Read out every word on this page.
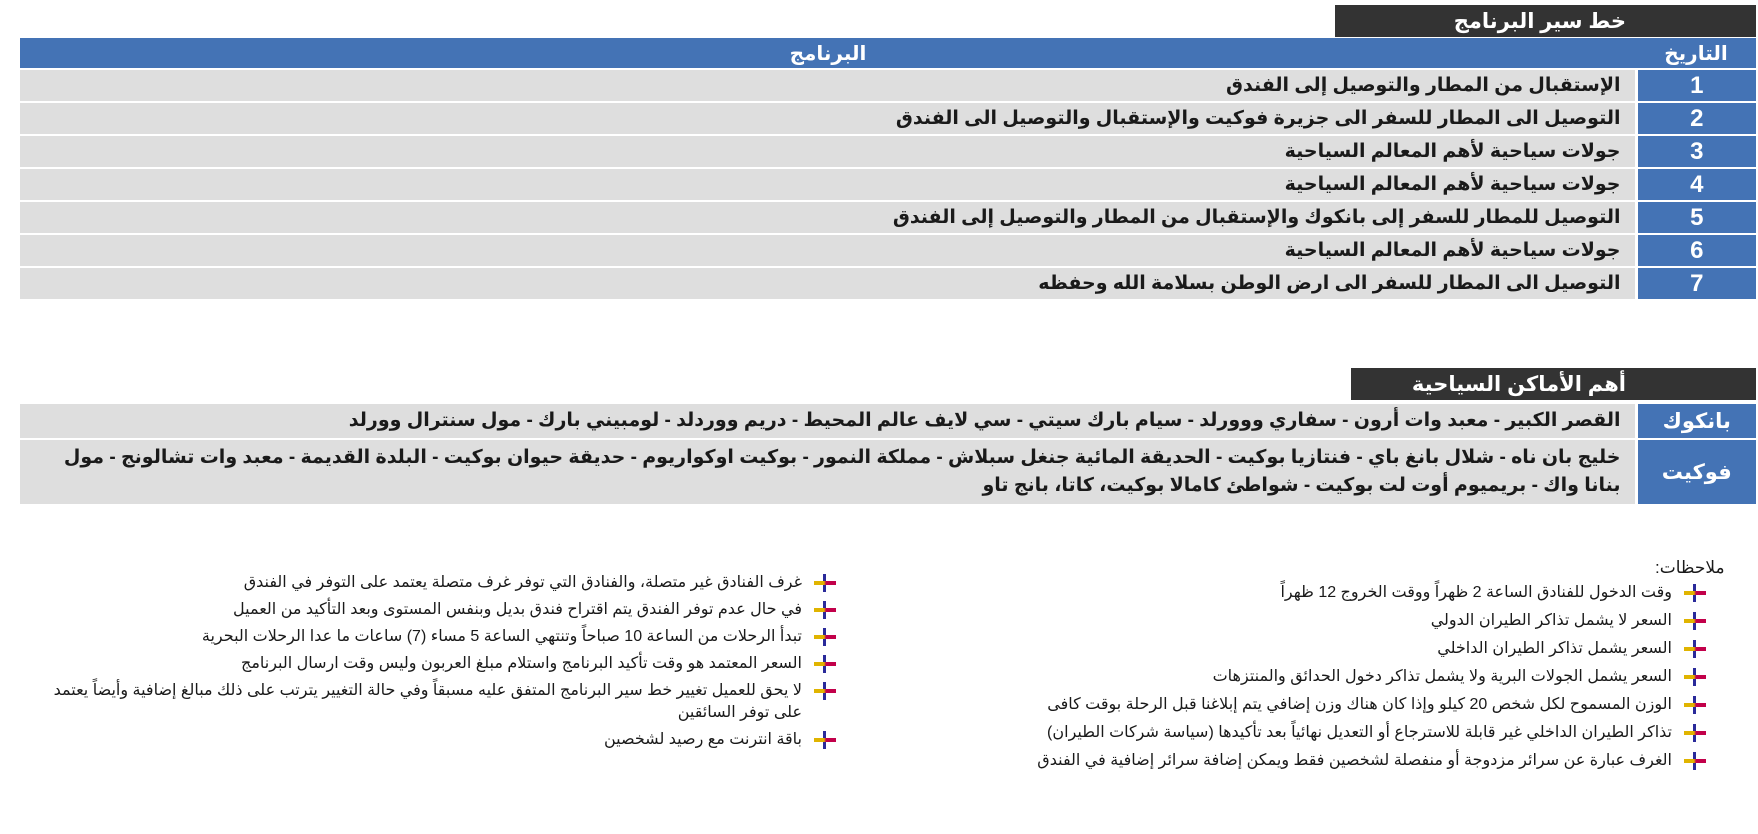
خط سير البرنامج
التاريخ	البرنامج
1	الإستقبال من المطار والتوصيل إلى الفندق
2	التوصيل الى المطار للسفر الى جزيرة فوكيت والإستقبال والتوصيل الى الفندق
3	جولات سياحية لأهم المعالم السياحية
4	جولات سياحية لأهم المعالم السياحية
5	التوصيل للمطار للسفر إلى بانكوك والإستقبال من المطار والتوصيل إلى الفندق
6	جولات سياحية لأهم المعالم السياحية
7	التوصيل الى المطار للسفر الى ارض الوطن بسلامة الله وحفظه
أهم الأماكن السياحية
بانكوك	القصر الكبير - معبد وات أرون - سفاري ووورلد - سيام بارك سيتي - سي لايف عالم المحيط - دريم ووردلد - لومبيني بارك - مول سنترال وورلد
فوكيت	خليج بان ناه - شلال بانغ باي - فنتازيا بوكيت - الحديقة المائية جنغل سبلاش - مملكة النمور - بوكيت اوكواريوم - حديقة حيوان بوكيت - البلدة القديمة - معبد وات تشالونج - مول بنانا واك - بريميوم أوت لت بوكيت - شواطئ كامالا بوكيت، كاتا، بانج تاو
ملاحظات:
وقت الدخول للفنادق الساعة 2 ظهراً ووقت الخروج 12 ظهراً
السعر لا يشمل تذاكر الطيران الدولي
السعر يشمل تذاكر الطيران الداخلي
السعر يشمل الجولات البرية ولا يشمل تذاكر دخول الحدائق والمنتزهات
الوزن المسموح لكل شخص 20 كيلو وإذا كان هناك وزن إضافي يتم إبلاغنا قبل الرحلة بوقت كافى
تذاكر الطيران الداخلي غير قابلة للاسترجاع أو التعديل نهائياً بعد تأكيدها (سياسة شركات الطيران)
الغرف عبارة عن سرائر مزدوجة أو منفصلة لشخصين فقط ويمكن إضافة سرائر إضافية في الفندق
غرف الفنادق غير متصلة، والفنادق التي توفر غرف متصلة يعتمد على التوفر في الفندق
في حال عدم توفر الفندق يتم اقتراح فندق بديل وبنفس المستوى وبعد التأكيد من العميل
تبدأ الرحلات من الساعة 10 صباحاً وتنتهي الساعة 5 مساء (7) ساعات ما عدا الرحلات البحرية
السعر المعتمد هو وقت تأكيد البرنامج واستلام مبلغ العربون وليس وقت ارسال البرنامج
لا يحق للعميل تغيير خط سير البرنامج المتفق عليه مسبقاً وفي حالة التغيير يترتب على ذلك مبالغ إضافية وأيضاً يعتمد على توفر السائقين
باقة انترنت مع رصيد لشخصين
